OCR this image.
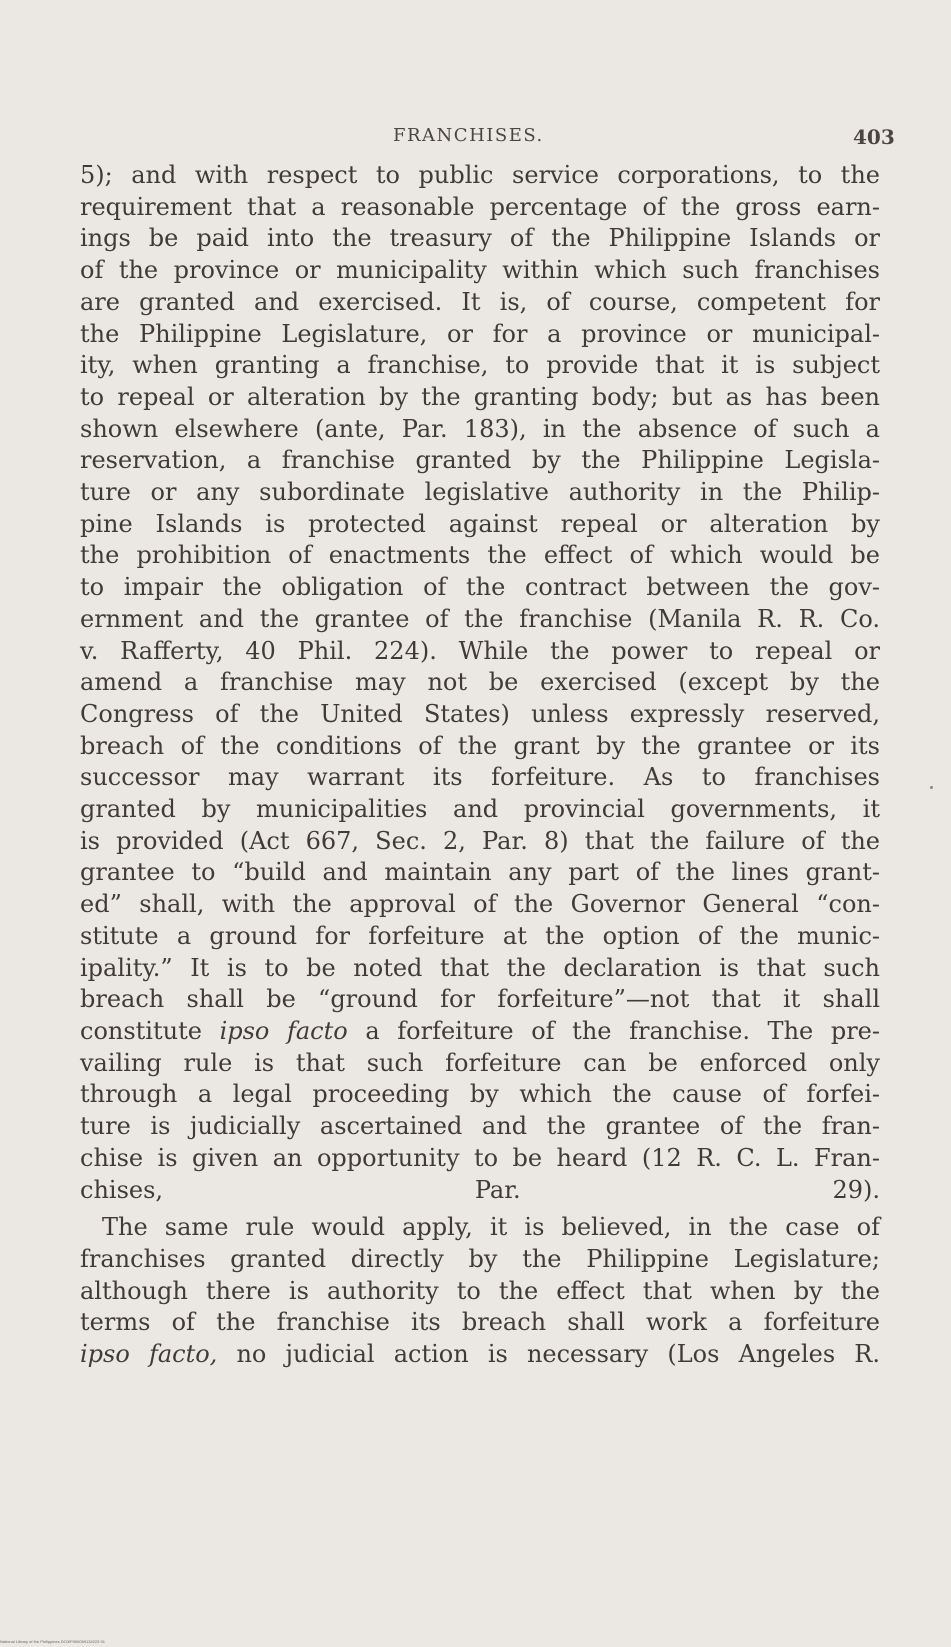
FRANCHISES.	403
5); and with respect to public service corporations, to the
requirement that a reasonable percentage of the gross earn-
ings be paid into the treasury of the Philippine Islands or
of the province or municipality within which such franchises
are granted and exercised. It is, of course, competent for
the Philippine Legislature, or for a province or municipal-
ity, when granting a franchise, to provide that it is subject
to repeal or alteration by the granting body; but as has been
shown elsewhere (ante, Par. 183), in the absence of such a
reservation, a franchise granted by the Philippine Legisla-
ture or any subordinate legislative authority in the Philip-
pine Islands is protected against repeal or alteration by
the prohibition of enactments the effect of which would be
to impair the obligation of the contract between the gov-
ernment and the grantee of the franchise (Manila R. R. Co.
v. Rafferty, 40 Phil. 224). While the power to repeal or
amend a franchise may not be exercised (except by the
Congress of the United States) unless expressly reserved,
breach of the conditions of the grant by the grantee or its
successor may warrant its forfeiture. As to franchises
granted by municipalities and provincial governments, it
is provided (Act 667, Sec. 2, Par. 8) that the failure of the
grantee to “build and maintain any part of the lines grant-
ed” shall, with the approval of the Governor General “con-
stitute a ground for forfeiture at the option of the munic-
ipality.” It is to be noted that the declaration is that such
breach shall be “ground for forfeiture”—not that it shall
constitute ipso facto a forfeiture of the franchise. The pre-
vailing rule is that such forfeiture can be enforced only
through a legal proceeding by which the cause of forfei-
ture is judicially ascertained and the grantee of the fran-
chise is given an opportunity to be heard (12 R. C. L. Fran-
chises, Par. 29).
The same rule would apply, it is believed, in the case of
franchises granted directly by the Philippine Legislature;
although there is authority to the effect that when by the
terms of the franchise its breach shall work a forfeiture
ipso facto, no judicial action is necessary (Los Angeles R.
National Library of the Philippines DO3/P000059134223 91
